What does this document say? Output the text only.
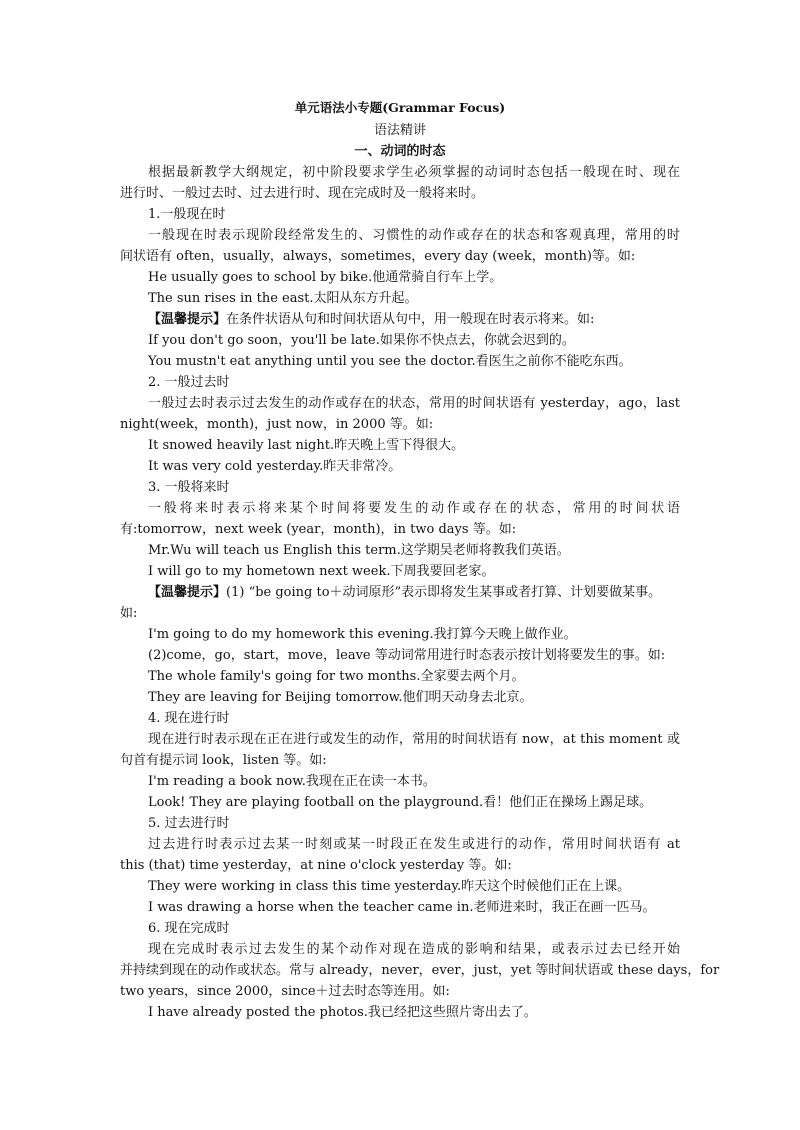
单元语法小专题(Grammar Focus)
语法精讲
一、动词的时态
根据最新教学大纲规定，初中阶段要求学生必须掌握的动词时态包括一般现在时、现在
进行时、一般过去时、过去进行时、现在完成时及一般将来时。
1.一般现在时
一般现在时表示现阶段经常发生的、习惯性的动作或存在的状态和客观真理，常用的时
间状语有 often，usually，always，sometimes，every day (week，month)等。如:
He usually goes to school by bike.他通常骑自行车上学。
The sun rises in the east.太阳从东方升起。
【温馨提示】在条件状语从句和时间状语从句中，用一般现在时表示将来。如:
If you don't go soon，you'll be late.如果你不快点去，你就会迟到的。
You mustn't eat anything until you see the doctor.看医生之前你不能吃东西。
2. 一般过去时
一般过去时表示过去发生的动作或存在的状态，常用的时间状语有 yesterday，ago，last
night(week，month)，just now，in 2000 等。如:
It snowed heavily last night.昨天晚上雪下得很大。
It was very cold yesterday.昨天非常冷。
3. 一般将来时
一般将来时表示将来某个时间将要发生的动作或存在的状态，常用的时间状语
有:tomorrow，next week (year，month)，in two days 等。如:
Mr.Wu will teach us English this term.这学期吴老师将教我们英语。
I will go to my hometown next week.下周我要回老家。
【温馨提示】(1) “be going to＋动词原形”表示即将发生某事或者打算、计划要做某事。
如:
I'm going to do my homework this evening.我打算今天晚上做作业。
(2)come，go，start，move，leave 等动词常用进行时态表示按计划将要发生的事。如:
The whole family's going for two months.全家要去两个月。
They are leaving for Beijing tomorrow.他们明天动身去北京。
4. 现在进行时
现在进行时表示现在正在进行或发生的动作，常用的时间状语有 now，at this moment 或
句首有提示词 look，listen 等。如:
I'm reading a book now.我现在正在读一本书。
Look! They are playing football on the playground.看！他们正在操场上踢足球。
5. 过去进行时
过去进行时表示过去某一时刻或某一时段正在发生或进行的动作，常用时间状语有 at
this (that) time yesterday，at nine o'clock yesterday 等。如:
They were working in class this time yesterday.昨天这个时候他们正在上课。
I was drawing a horse when the teacher came in.老师进来时，我正在画一匹马。
6. 现在完成时
现在完成时表示过去发生的某个动作对现在造成的影响和结果，或表示过去已经开始
并持续到现在的动作或状态。常与 already，never，ever，just，yet 等时间状语或 these days，for
two years，since 2000，since＋过去时态等连用。如:
I have already posted the photos.我已经把这些照片寄出去了。
